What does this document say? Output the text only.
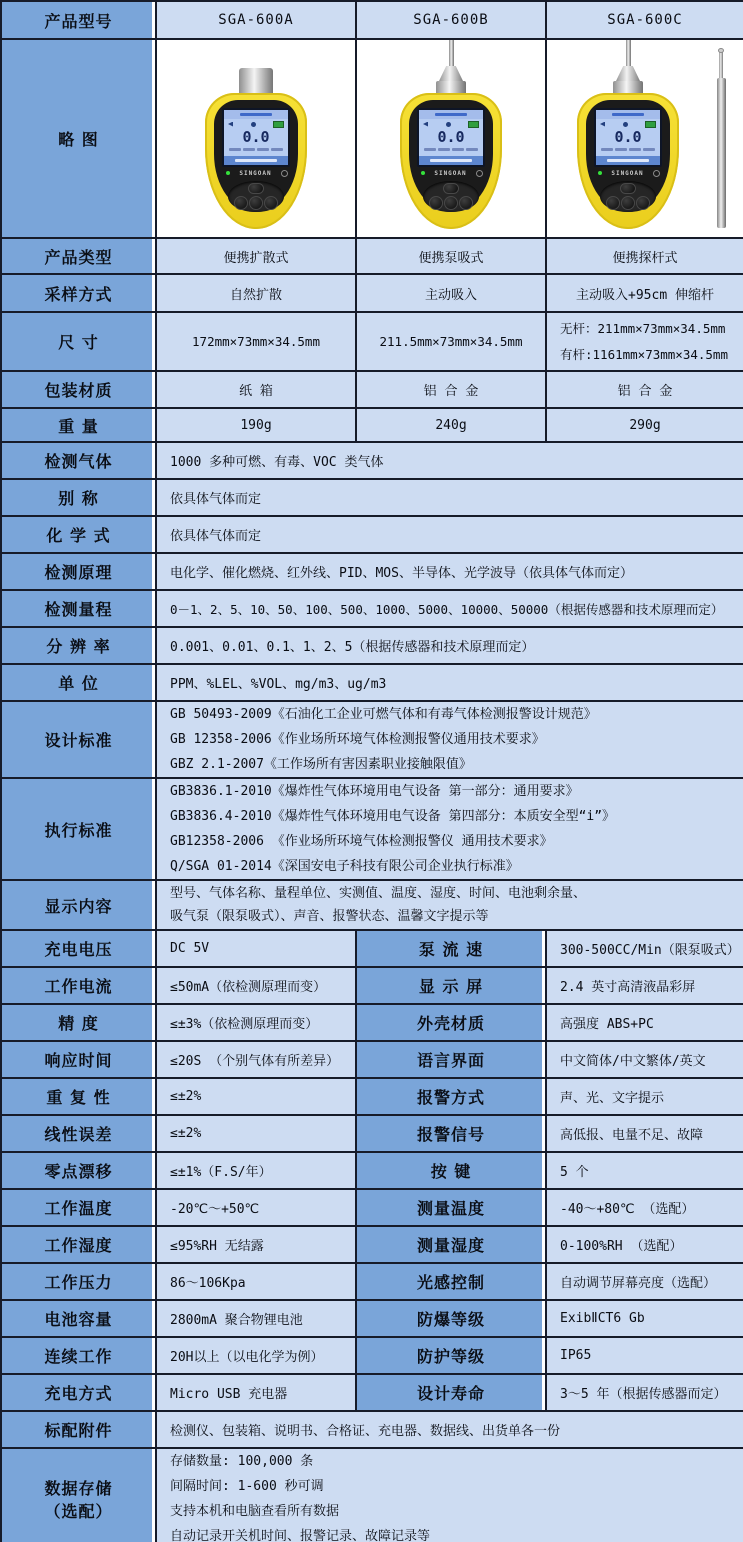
产品型号	SGA-600A	SGA-600B	SGA-600C
略 图	0.0
SINGOAN

0.0
SINGOAN

0.0
SINGOAN

产品类型	便携扩散式	便携泵吸式	便携探杆式
采样方式	自然扩散	主动吸入	主动吸入+95cm 伸缩杆
尺 寸	172mm×73mm×34.5mm	211.5mm×73mm×34.5mm	无杆：211mm×73mm×34.5mm
有杆:1161mm×73mm×34.5mm

包装材质	纸 箱	铝 合 金	铝 合 金
重 量	190g	240g	290g
检测气体	1000 多种可燃、有毒、VOC 类气体		
别 称	依具体气体而定		
化 学 式	依具体气体而定		
检测原理	电化学、催化燃烧、红外线、PID、MOS、半导体、光学波导（依具体气体而定）		
检测量程	0－1、2、5、10、50、100、500、1000、5000、10000、50000（根据传感器和技术原理而定）		
分 辨 率	0.001、0.01、0.1、1、2、5（根据传感器和技术原理而定）		
单 位	PPM、%LEL、%VOL、mg/m3、ug/m3		
设计标准	GB 50493-2009《石油化工企业可燃气体和有毒气体检测报警设计规范》
GB 12358-2006《作业场所环境气体检测报警仪通用技术要求》
GBZ 2.1-2007《工作场所有害因素职业接触限值》		

执行标准	GB3836.1-2010《爆炸性气体环境用电气设备 第一部分：通用要求》
GB3836.4-2010《爆炸性气体环境用电气设备 第四部分：本质安全型“i”》
GB12358-2006 《作业场所环境气体检测报警仪 通用技术要求》
Q/SGA 01-2014《深国安电子科技有限公司企业执行标准》		

显示内容	型号、气体名称、量程单位、实测值、温度、湿度、时间、电池剩余量、
吸气泵（限泵吸式）、声音、报警状态、温馨文字提示等		

充电电压	DC 5V	泵 流 速	300-500CC/Min（限泵吸式）
工作电流	≤50mA（依检测原理而变）	显 示 屏	2.4 英寸高清液晶彩屏
精 度	≤±3%（依检测原理而变）	外壳材质	高强度 ABS+PC
响应时间	≤20S （个别气体有所差异）	语言界面	中文简体/中文繁体/英文
重 复 性	≤±2%	报警方式	声、光、文字提示
线性误差	≤±2%	报警信号	高低报、电量不足、故障
零点漂移	≤±1%（F.S/年）	按 键	5 个
工作温度	-20℃～+50℃	测量温度	-40～+80℃ （选配）
工作湿度	≤95%RH 无结露	测量湿度	0-100%RH （选配）
工作压力	86～106Kpa	光感控制	自动调节屏幕亮度（选配）
电池容量	2800mA 聚合物锂电池	防爆等级	ExibⅡCT6 Gb
连续工作	20H以上（以电化学为例）	防护等级	IP65
充电方式	Micro USB 充电器	设计寿命	3～5 年（根据传感器而定）
标配附件	检测仪、包装箱、说明书、合格证、充电器、数据线、出货单各一份		

数据存储
（选配）

存储数量: 100,000 条
间隔时间: 1-600 秒可调
支持本机和电脑查看所有数据
自动记录开关机时间、报警记录、故障记录等
